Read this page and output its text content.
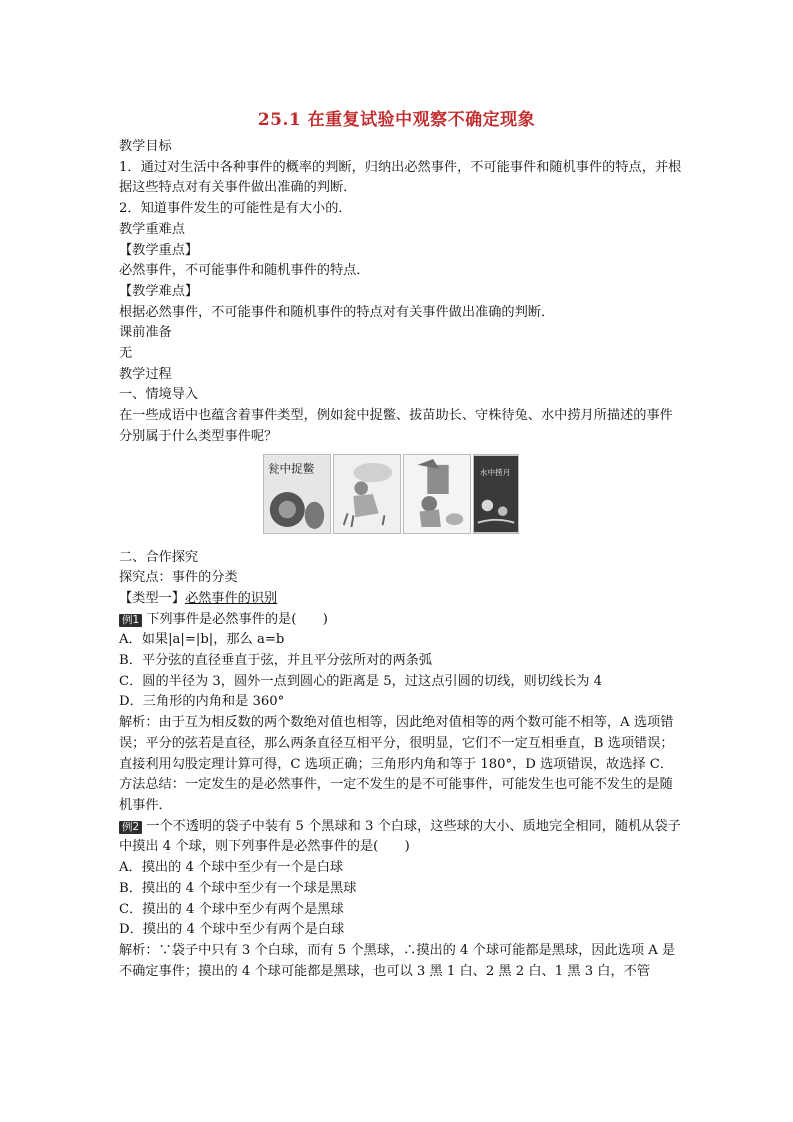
25.1 在重复试验中观察不确定现象
教学目标
1．通过对生活中各种事件的概率的判断，归纳出必然事件，不可能事件和随机事件的特点，并根据这些特点对有关事件做出准确的判断．
2．知道事件发生的可能性是有大小的．
教学重难点
【教学重点】
必然事件，不可能事件和随机事件的特点．
【教学难点】
根据必然事件，不可能事件和随机事件的特点对有关事件做出准确的判断．
课前准备
无
教学过程
一、情境导入
在一些成语中也蕴含着事件类型，例如瓮中捉鳖、拔苗助长、守株待兔、水中捞月所描述的事件分别属于什么类型事件呢？
瓮中捉鳖	水中捞月
二、合作探究
探究点：事件的分类
【类型一】必然事件的识别
例1 下列事件是必然事件的是(　　)
A．如果|a|=|b|，那么 a=b
B．平分弦的直径垂直于弦，并且平分弦所对的两条弧
C．圆的半径为 3，圆外一点到圆心的距离是 5，过这点引圆的切线，则切线长为 4
D．三角形的内角和是 360°
解析：由于互为相反数的两个数绝对值也相等，因此绝对值相等的两个数可能不相等，A 选项错误；平分的弦若是直径，那么两条直径互相平分，很明显，它们不一定互相垂直，B 选项错误；直接利用勾股定理计算可得，C 选项正确；三角形内角和等于 180°，D 选项错误，故选择 C．
方法总结：一定发生的是必然事件，一定不发生的是不可能事件，可能发生也可能不发生的是随机事件．
例2 一个不透明的袋子中装有 5 个黑球和 3 个白球，这些球的大小、质地完全相同，随机从袋子中摸出 4 个球，则下列事件是必然事件的是(　　)
A．摸出的 4 个球中至少有一个是白球
B．摸出的 4 个球中至少有一个球是黑球
C．摸出的 4 个球中至少有两个是黑球
D．摸出的 4 个球中至少有两个是白球
解析：∵袋子中只有 3 个白球，而有 5 个黑球，∴摸出的 4 个球可能都是黑球，因此选项 A 是不确定事件；摸出的 4 个球可能都是黑球，也可以 3 黑 1 白、2 黑 2 白、1 黑 3 白，不管
